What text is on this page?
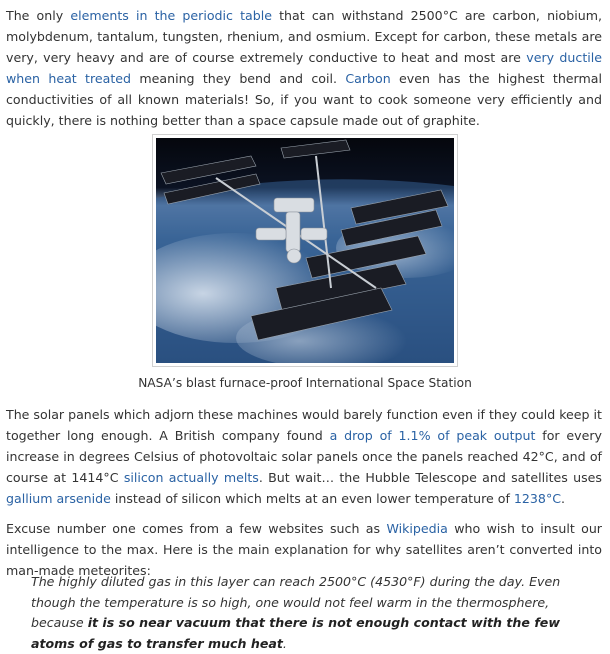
The only elements in the periodic table that can withstand 2500°C are carbon, niobium, molybdenum, tantalum, tungsten, rhenium, and osmium. Except for carbon, these metals are very, very heavy and are of course extremely conductive to heat and most are very ductile when heat treated meaning they bend and coil. Carbon even has the highest thermal conductivities of all known materials! So, if you want to cook someone very efficiently and quickly, there is nothing better than a space capsule made out of graphite.

NASA’s blast furnace-proof International Space Station

The solar panels which adjorn these machines would barely function even if they could keep it together long enough. A British company found a drop of 1.1% of peak output for every increase in degrees Celsius of photovoltaic solar panels once the panels reached 42°C, and of course at 1414°C silicon actually melts. But wait… the Hubble Telescope and satellites uses gallium arsenide instead of silicon which melts at an even lower temperature of 1238°C.

Excuse number one comes from a few websites such as Wikipedia who wish to insult our intelligence to the max. Here is the main explanation for why satellites aren’t converted into man-made meteorites:

The highly diluted gas in this layer can reach 2500°C (4530°F) during the day. Even though the temperature is so high, one would not feel warm in the thermosphere, because it is so near vacuum that there is not enough contact with the few atoms of gas to transfer much heat.
